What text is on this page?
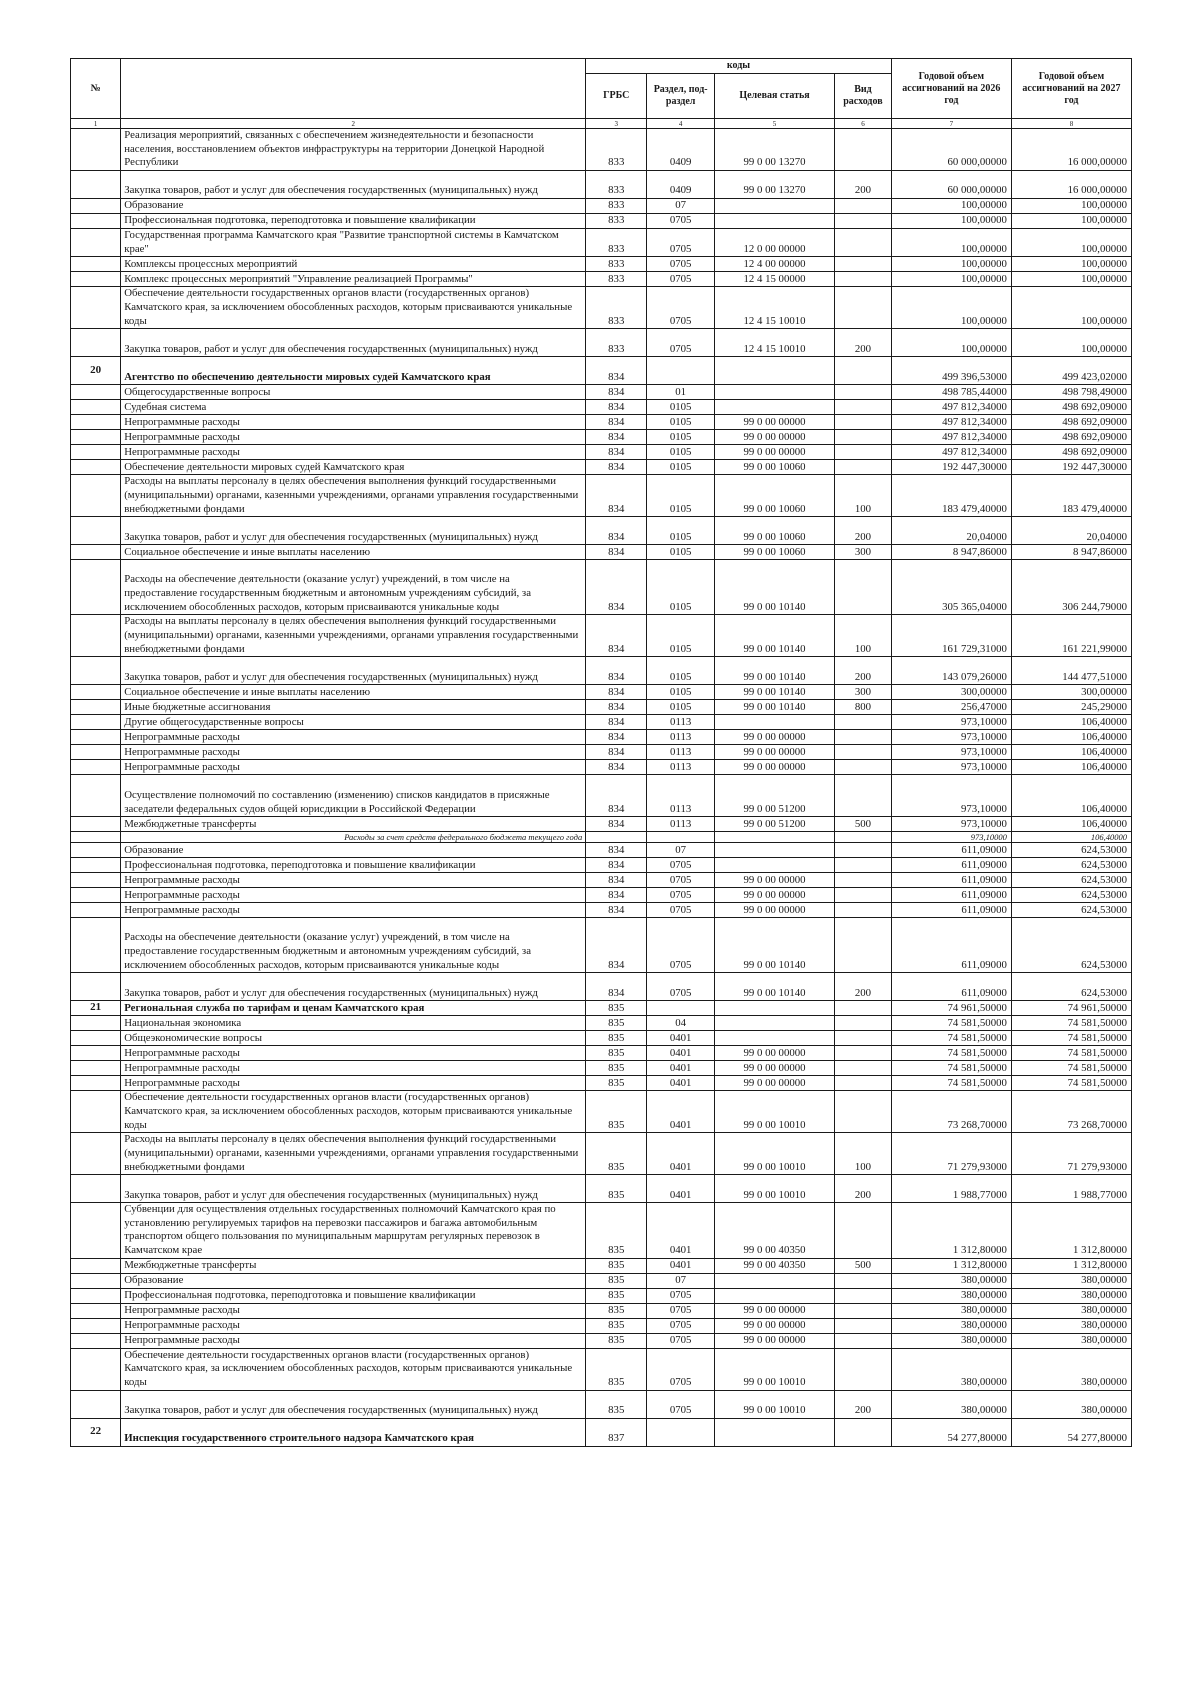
№		коды				Годовой объем ассигнований на 2026 год	Годовой объем ассигнований на 2027 год
		ГРБС	Раздел, под-раздел	Целевая статья	Вид расходов		
1	2	3	4	5	6	7	8
	Реализация мероприятий, связанных с обеспечением жизнедеятельности и безопасности населения, восстановлением объектов инфраструктуры на территории Донецкой Народной Республики	833	0409	99 0 00 13270		60 000,00000	16 000,00000
	Закупка товаров, работ и услуг для обеспечения государственных (муниципальных) нужд	833	0409	99 0 00 13270	200	60 000,00000	16 000,00000
	Образование	833	07			100,00000	100,00000
	Профессиональная подготовка, переподготовка и повышение квалификации	833	0705			100,00000	100,00000
	Государственная программа Камчатского края "Развитие транспортной системы в Камчатском крае"	833	0705	12 0 00 00000		100,00000	100,00000
	Комплексы процессных мероприятий	833	0705	12 4 00 00000		100,00000	100,00000
	Комплекс процессных мероприятий "Управление реализацией Программы"	833	0705	12 4 15 00000		100,00000	100,00000
	Обеспечение деятельности государственных органов власти (государственных органов) Камчатского края, за исключением обособленных расходов, которым присваиваются уникальные коды	833	0705	12 4 15 10010		100,00000	100,00000
	Закупка товаров, работ и услуг для обеспечения государственных (муниципальных) нужд	833	0705	12 4 15 10010	200	100,00000	100,00000
20	Агентство по обеспечению деятельности мировых судей Камчатского края	834				499 396,53000	499 423,02000
	Общегосударственные вопросы	834	01			498 785,44000	498 798,49000
	Судебная система	834	0105			497 812,34000	498 692,09000
	Непрограммные расходы	834	0105	99 0 00 00000		497 812,34000	498 692,09000
	Непрограммные расходы	834	0105	99 0 00 00000		497 812,34000	498 692,09000
	Непрограммные расходы	834	0105	99 0 00 00000		497 812,34000	498 692,09000
	Обеспечение деятельности мировых судей Камчатского края	834	0105	99 0 00 10060		192 447,30000	192 447,30000
	Расходы на выплаты персоналу в целях обеспечения выполнения функций государственными (муниципальными) органами, казенными учреждениями, органами управления государственными внебюджетными фондами	834	0105	99 0 00 10060	100	183 479,40000	183 479,40000
	Закупка товаров, работ и услуг для обеспечения государственных (муниципальных) нужд	834	0105	99 0 00 10060	200	20,04000	20,04000
	Социальное обеспечение и иные выплаты населению	834	0105	99 0 00 10060	300	8 947,86000	8 947,86000
	Расходы на обеспечение деятельности (оказание услуг) учреждений, в том числе на предоставление государственным бюджетным и автономным учреждениям субсидий, за исключением обособленных расходов, которым присваиваются уникальные коды	834	0105	99 0 00 10140		305 365,04000	306 244,79000
	Расходы на выплаты персоналу в целях обеспечения выполнения функций государственными (муниципальными) органами, казенными учреждениями, органами управления государственными внебюджетными фондами	834	0105	99 0 00 10140	100	161 729,31000	161 221,99000
	Закупка товаров, работ и услуг для обеспечения государственных (муниципальных) нужд	834	0105	99 0 00 10140	200	143 079,26000	144 477,51000
	Социальное обеспечение и иные выплаты населению	834	0105	99 0 00 10140	300	300,00000	300,00000
	Иные бюджетные ассигнования	834	0105	99 0 00 10140	800	256,47000	245,29000
	Другие общегосударственные вопросы	834	0113			973,10000	106,40000
	Непрограммные расходы	834	0113	99 0 00 00000		973,10000	106,40000
	Непрограммные расходы	834	0113	99 0 00 00000		973,10000	106,40000
	Непрограммные расходы	834	0113	99 0 00 00000		973,10000	106,40000
	Осуществление полномочий по составлению (изменению) списков кандидатов в присяжные заседатели федеральных судов общей юрисдикции в Российской Федерации	834	0113	99 0 00 51200		973,10000	106,40000
	Межбюджетные трансферты	834	0113	99 0 00 51200	500	973,10000	106,40000
	Расходы за счет средств федерального бюджета текущего года					973,10000	106,40000
	Образование	834	07			611,09000	624,53000
	Профессиональная подготовка, переподготовка и повышение квалификации	834	0705			611,09000	624,53000
	Непрограммные расходы	834	0705	99 0 00 00000		611,09000	624,53000
	Непрограммные расходы	834	0705	99 0 00 00000		611,09000	624,53000
	Непрограммные расходы	834	0705	99 0 00 00000		611,09000	624,53000
	Расходы на обеспечение деятельности (оказание услуг) учреждений, в том числе на предоставление государственным бюджетным и автономным учреждениям субсидий, за исключением обособленных расходов, которым присваиваются уникальные коды	834	0705	99 0 00 10140		611,09000	624,53000
	Закупка товаров, работ и услуг для обеспечения государственных (муниципальных) нужд	834	0705	99 0 00 10140	200	611,09000	624,53000
21	Региональная служба по тарифам и ценам Камчатского края	835				74 961,50000	74 961,50000
	Национальная экономика	835	04			74 581,50000	74 581,50000
	Общеэкономические вопросы	835	0401			74 581,50000	74 581,50000
	Непрограммные расходы	835	0401	99 0 00 00000		74 581,50000	74 581,50000
	Непрограммные расходы	835	0401	99 0 00 00000		74 581,50000	74 581,50000
	Непрограммные расходы	835	0401	99 0 00 00000		74 581,50000	74 581,50000
	Обеспечение деятельности государственных органов власти (государственных органов) Камчатского края, за исключением обособленных расходов, которым присваиваются уникальные коды	835	0401	99 0 00 10010		73 268,70000	73 268,70000
	Расходы на выплаты персоналу в целях обеспечения выполнения функций государственными (муниципальными) органами, казенными учреждениями, органами управления государственными внебюджетными фондами	835	0401	99 0 00 10010	100	71 279,93000	71 279,93000
	Закупка товаров, работ и услуг для обеспечения государственных (муниципальных) нужд	835	0401	99 0 00 10010	200	1 988,77000	1 988,77000
	Субвенции для осуществления отдельных государственных полномочий Камчатского края по установлению регулируемых тарифов на перевозки пассажиров и багажа автомобильным транспортом общего пользования по муниципальным маршрутам регулярных перевозок в Камчатском крае	835	0401	99 0 00 40350		1 312,80000	1 312,80000
	Межбюджетные трансферты	835	0401	99 0 00 40350	500	1 312,80000	1 312,80000
	Образование	835	07			380,00000	380,00000
	Профессиональная подготовка, переподготовка и повышение квалификации	835	0705			380,00000	380,00000
	Непрограммные расходы	835	0705	99 0 00 00000		380,00000	380,00000
	Непрограммные расходы	835	0705	99 0 00 00000		380,00000	380,00000
	Непрограммные расходы	835	0705	99 0 00 00000		380,00000	380,00000
	Обеспечение деятельности государственных органов власти (государственных органов) Камчатского края, за исключением обособленных расходов, которым присваиваются уникальные коды	835	0705	99 0 00 10010		380,00000	380,00000
	Закупка товаров, работ и услуг для обеспечения государственных (муниципальных) нужд	835	0705	99 0 00 10010	200	380,00000	380,00000
22	Инспекция государственного строительного надзора Камчатского края	837				54 277,80000	54 277,80000
